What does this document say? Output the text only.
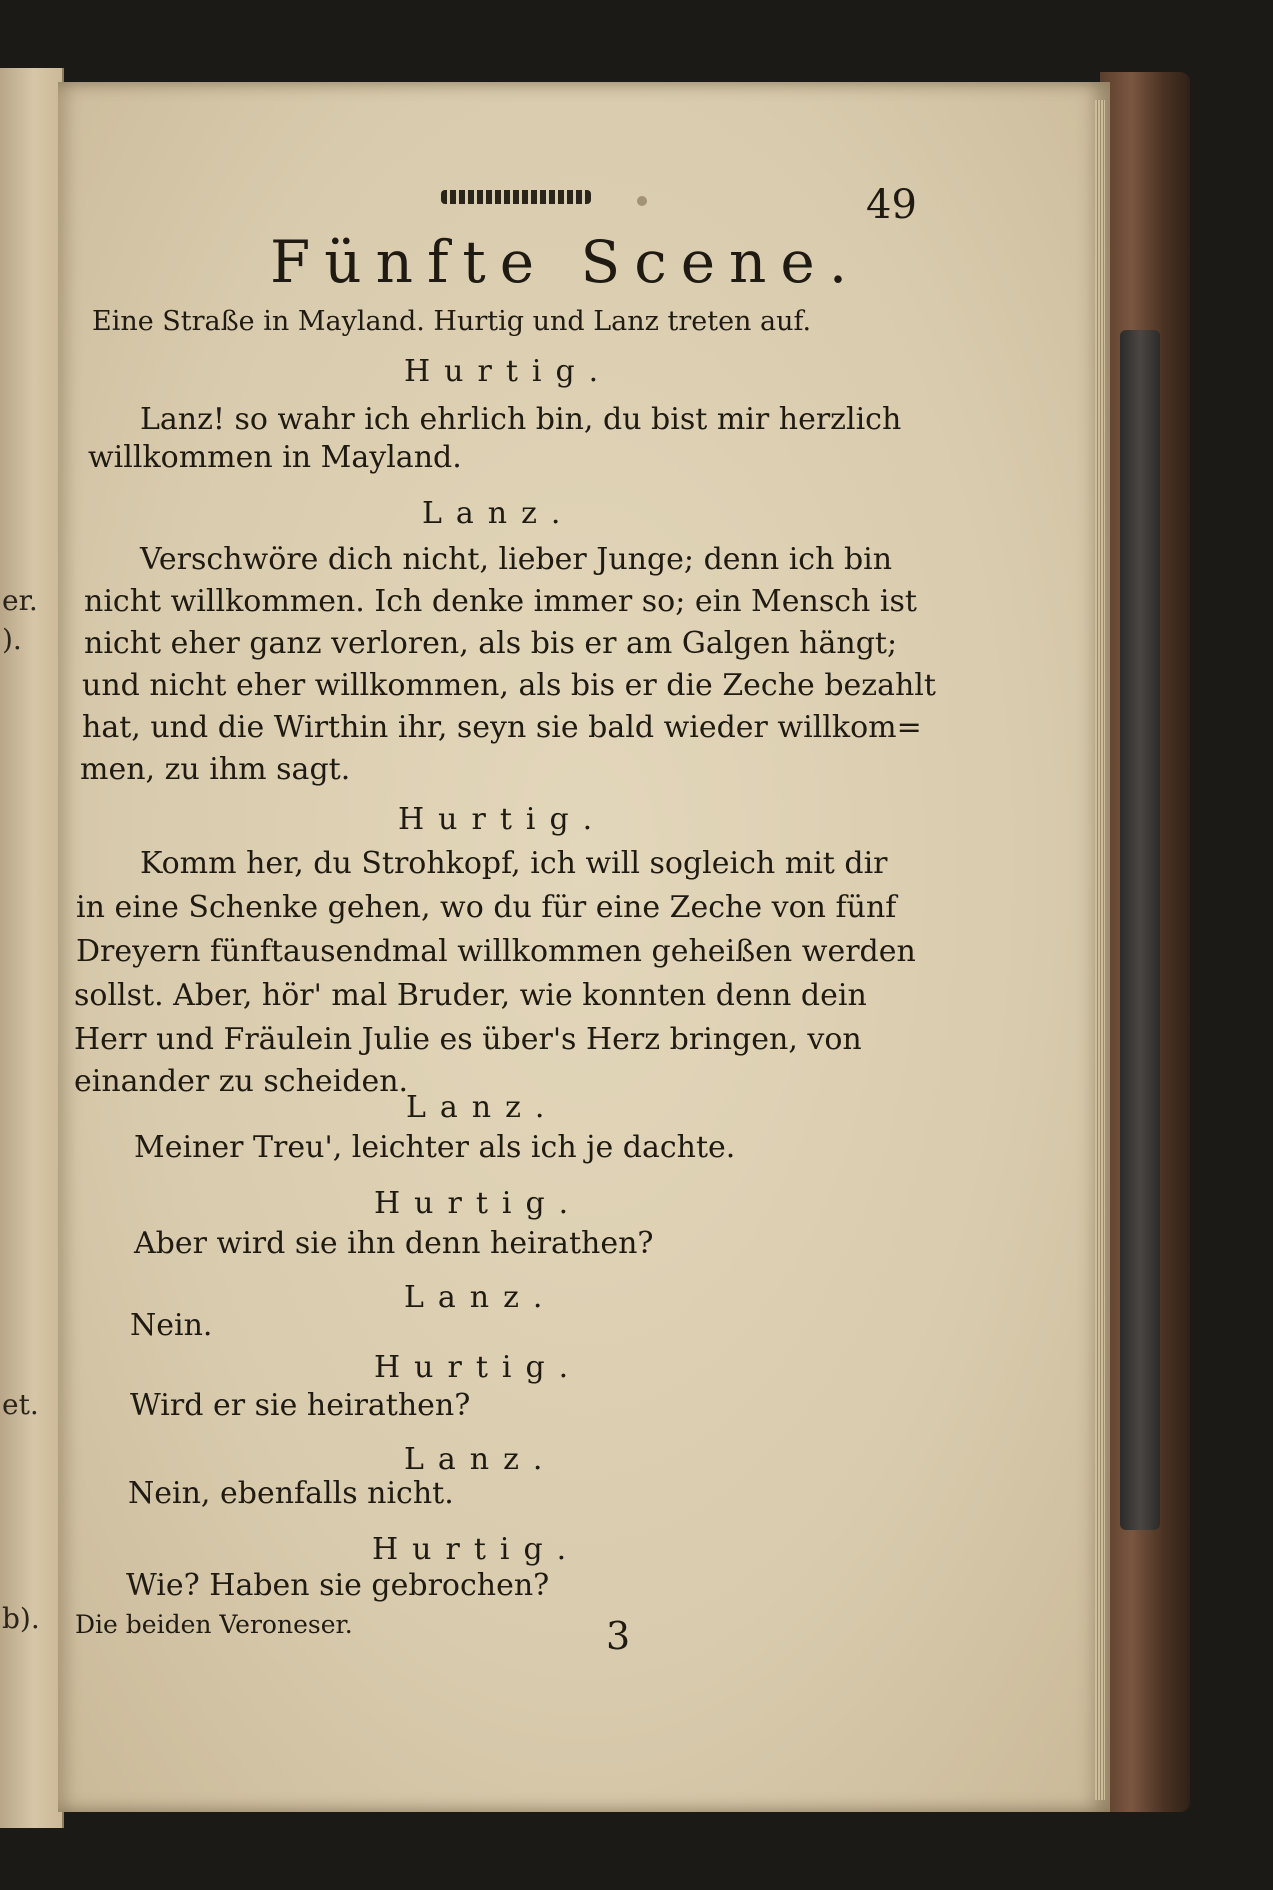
er.
).
et.
b).
49
Fünfte Scene.
Eine Straße in Mayland. Hurtig und Lanz treten auf.
Hurtig.
Lanz! so wahr ich ehrlich bin, du bist mir herzlich
willkommen in Mayland.
Lanz.
Verschwöre dich nicht, lieber Junge; denn ich bin
nicht willkommen. Ich denke immer so; ein Mensch ist
nicht eher ganz verloren, als bis er am Galgen hängt;
und nicht eher willkommen, als bis er die Zeche bezahlt
hat, und die Wirthin ihr, seyn sie bald wieder willkom=
men, zu ihm sagt.
Hurtig.
Komm her, du Strohkopf, ich will sogleich mit dir
in eine Schenke gehen, wo du für eine Zeche von fünf
Dreyern fünftausendmal willkommen geheißen werden
sollst. Aber, hör' mal Bruder, wie konnten denn dein
Herr und Fräulein Julie es über's Herz bringen, von
einander zu scheiden.
Lanz.
Meiner Treu', leichter als ich je dachte.
Hurtig.
Aber wird sie ihn denn heirathen?
Lanz.
Nein.
Hurtig.
Wird er sie heirathen?
Lanz.
Nein, ebenfalls nicht.
Hurtig.
Wie? Haben sie gebrochen?
Die beiden Veroneser.	3
